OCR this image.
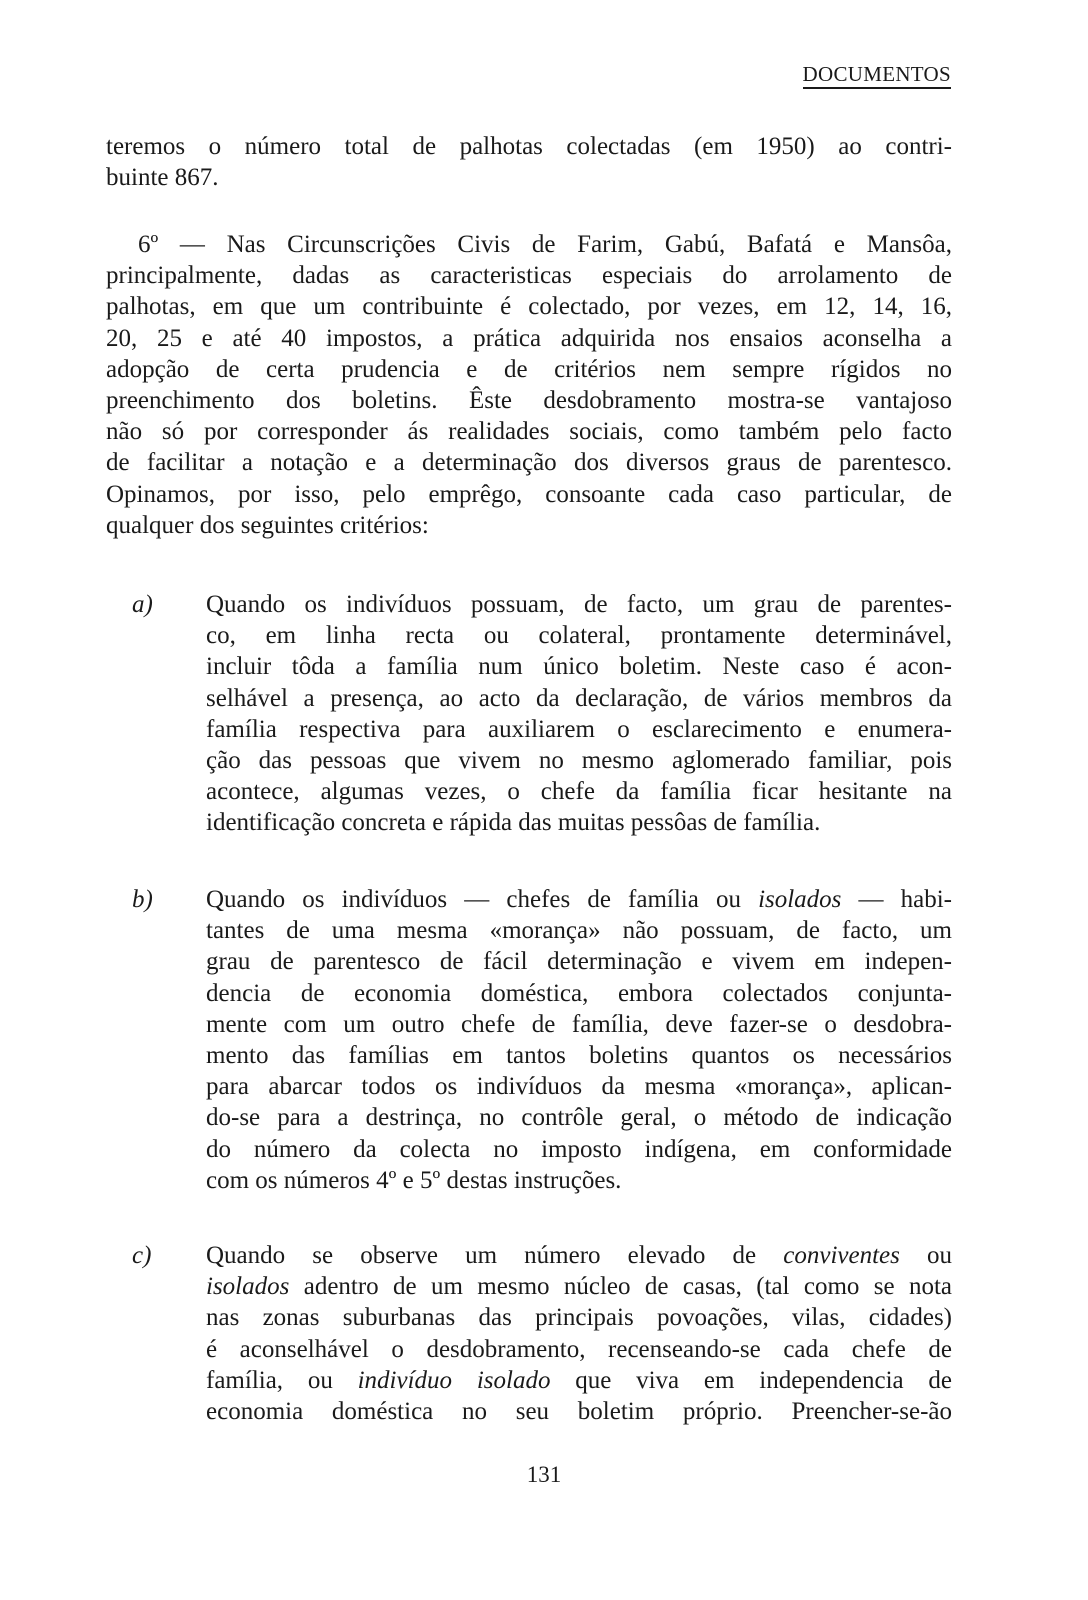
DOCUMENTOS
teremos o número total de palhotas colectadas (em 1950) ao contri-
buinte 867.
6º — Nas Circunscrições Civis de Farim, Gabú, Bafatá e Mansôa,
principalmente, dadas as caracteristicas especiais do arrolamento de
palhotas, em que um contribuinte é colectado, por vezes, em 12, 14, 16,
20, 25 e até 40 impostos, a prática adquirida nos ensaios aconselha a
adopção de certa prudencia e de critérios nem sempre rígidos no
preenchimento dos boletins. Êste desdobramento mostra-se vantajoso
não só por corresponder ás realidades sociais, como também pelo facto
de facilitar a notação e a determinação dos diversos graus de parentesco.
Opinamos, por isso, pelo emprêgo, consoante cada caso particular, de
qualquer dos seguintes critérios:
a) Quando os indivíduos possuam, de facto, um grau de parentes-
co, em linha recta ou colateral, prontamente determinável,
incluir tôda a família num único boletim. Neste caso é acon-
selhável a presença, ao acto da declaração, de vários membros da
família respectiva para auxiliarem o esclarecimento e enumera-
ção das pessoas que vivem no mesmo aglomerado familiar, pois
acontece, algumas vezes, o chefe da família ficar hesitante na
identificação concreta e rápida das muitas pessôas de família.
b) Quando os indivíduos — chefes de família ou isolados — habi-
tantes de uma mesma «morança» não possuam, de facto, um
grau de parentesco de fácil determinação e vivem em indepen-
dencia de economia doméstica, embora colectados conjunta-
mente com um outro chefe de família, deve fazer-se o desdobra-
mento das famílias em tantos boletins quantos os necessários
para abarcar todos os indivíduos da mesma «morança», aplican-
do-se para a destrinça, no contrôle geral, o método de indicação
do número da colecta no imposto indígena, em conformidade
com os números 4º e 5º destas instruções.
c) Quando se observe um número elevado de conviventes ou
isolados adentro de um mesmo núcleo de casas, (tal como se nota
nas zonas suburbanas das principais povoações, vilas, cidades)
é aconselhável o desdobramento, recenseando-se cada chefe de
família, ou indivíduo isolado que viva em independencia de
economia doméstica no seu boletim próprio. Preencher-se-ão
131
